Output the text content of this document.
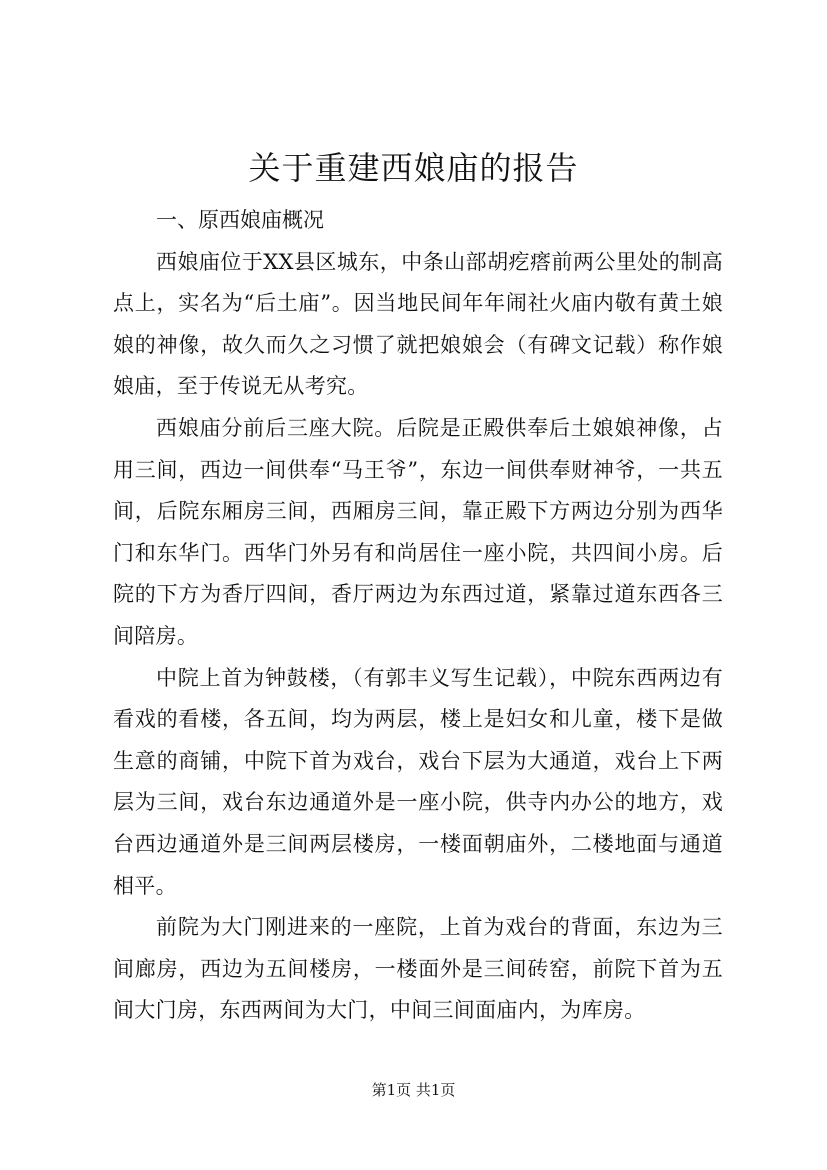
关于重建西娘庙的报告
一、原西娘庙概况

西娘庙位于XX县区城东，中条山部胡疙瘩前两公里处的制高点上，实名为“后土庙”。因当地民间年年闹社火庙内敬有黄土娘娘的神像，故久而久之习惯了就把娘娘会（有碑文记载）称作娘娘庙，至于传说无从考究。

西娘庙分前后三座大院。后院是正殿供奉后土娘娘神像，占用三间，西边一间供奉“马王爷”，东边一间供奉财神爷，一共五间，后院东厢房三间，西厢房三间，靠正殿下方两边分别为西华门和东华门。西华门外另有和尚居住一座小院，共四间小房。后院的下方为香厅四间，香厅两边为东西过道，紧靠过道东西各三间陪房。

中院上首为钟鼓楼，（有郭丰义写生记载），中院东西两边有看戏的看楼，各五间，均为两层，楼上是妇女和儿童，楼下是做生意的商铺，中院下首为戏台，戏台下层为大通道，戏台上下两层为三间，戏台东边通道外是一座小院，供寺内办公的地方，戏台西边通道外是三间两层楼房，一楼面朝庙外，二楼地面与通道相平。

前院为大门刚进来的一座院，上首为戏台的背面，东边为三间廊房，西边为五间楼房，一楼面外是三间砖窑，前院下首为五间大门房，东西两间为大门，中间三间面庙内，为库房。

第1页 共1页
